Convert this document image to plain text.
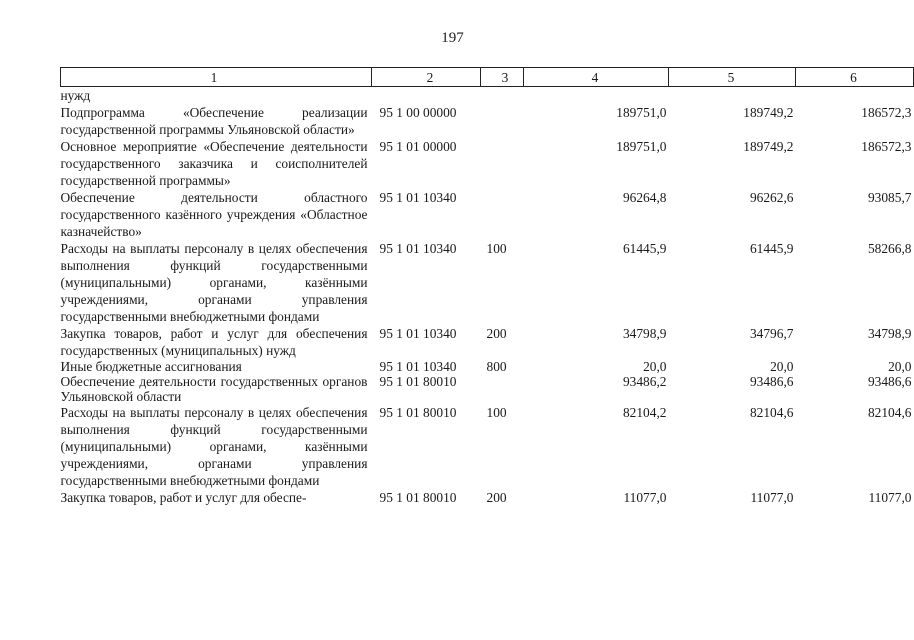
197
1	2	3	4	5	6
нужд					
Подпрограмма «Обеспечение реализации государственной программы Ульяновской области»	95 1 00 00000		189751,0	189749,2	186572,3
Основное мероприятие «Обеспечение деятельности государственного заказчика и соисполнителей государственной программы»	95 1 01 00000		189751,0	189749,2	186572,3
Обеспечение деятельности областного государственного казённого учреждения «Областное казначейство»	95 1 01 10340		96264,8	96262,6	93085,7
Расходы на выплаты персоналу в целях обеспечения выполнения функций государственными (муниципальными) органами, казёнными учреждениями, органами управления государственными внебюджетными фондами	95 1 01 10340	100	61445,9	61445,9	58266,8
Закупка товаров, работ и услуг для обеспечения государственных (муниципальных) нужд	95 1 01 10340	200	34798,9	34796,7	34798,9
Иные бюджетные ассигнования	95 1 01 10340	800	20,0	20,0	20,0
Обеспечение деятельности государственных органов Ульяновской области	95 1 01 80010		93486,2	93486,6	93486,6
Расходы на выплаты персоналу в целях обеспечения выполнения функций государственными (муниципальными) органами, казёнными учреждениями, органами управления государственными внебюджетными фондами	95 1 01 80010	100	82104,2	82104,6	82104,6
Закупка товаров, работ и услуг для обеспе-	95 1 01 80010	200	11077,0	11077,0	11077,0
